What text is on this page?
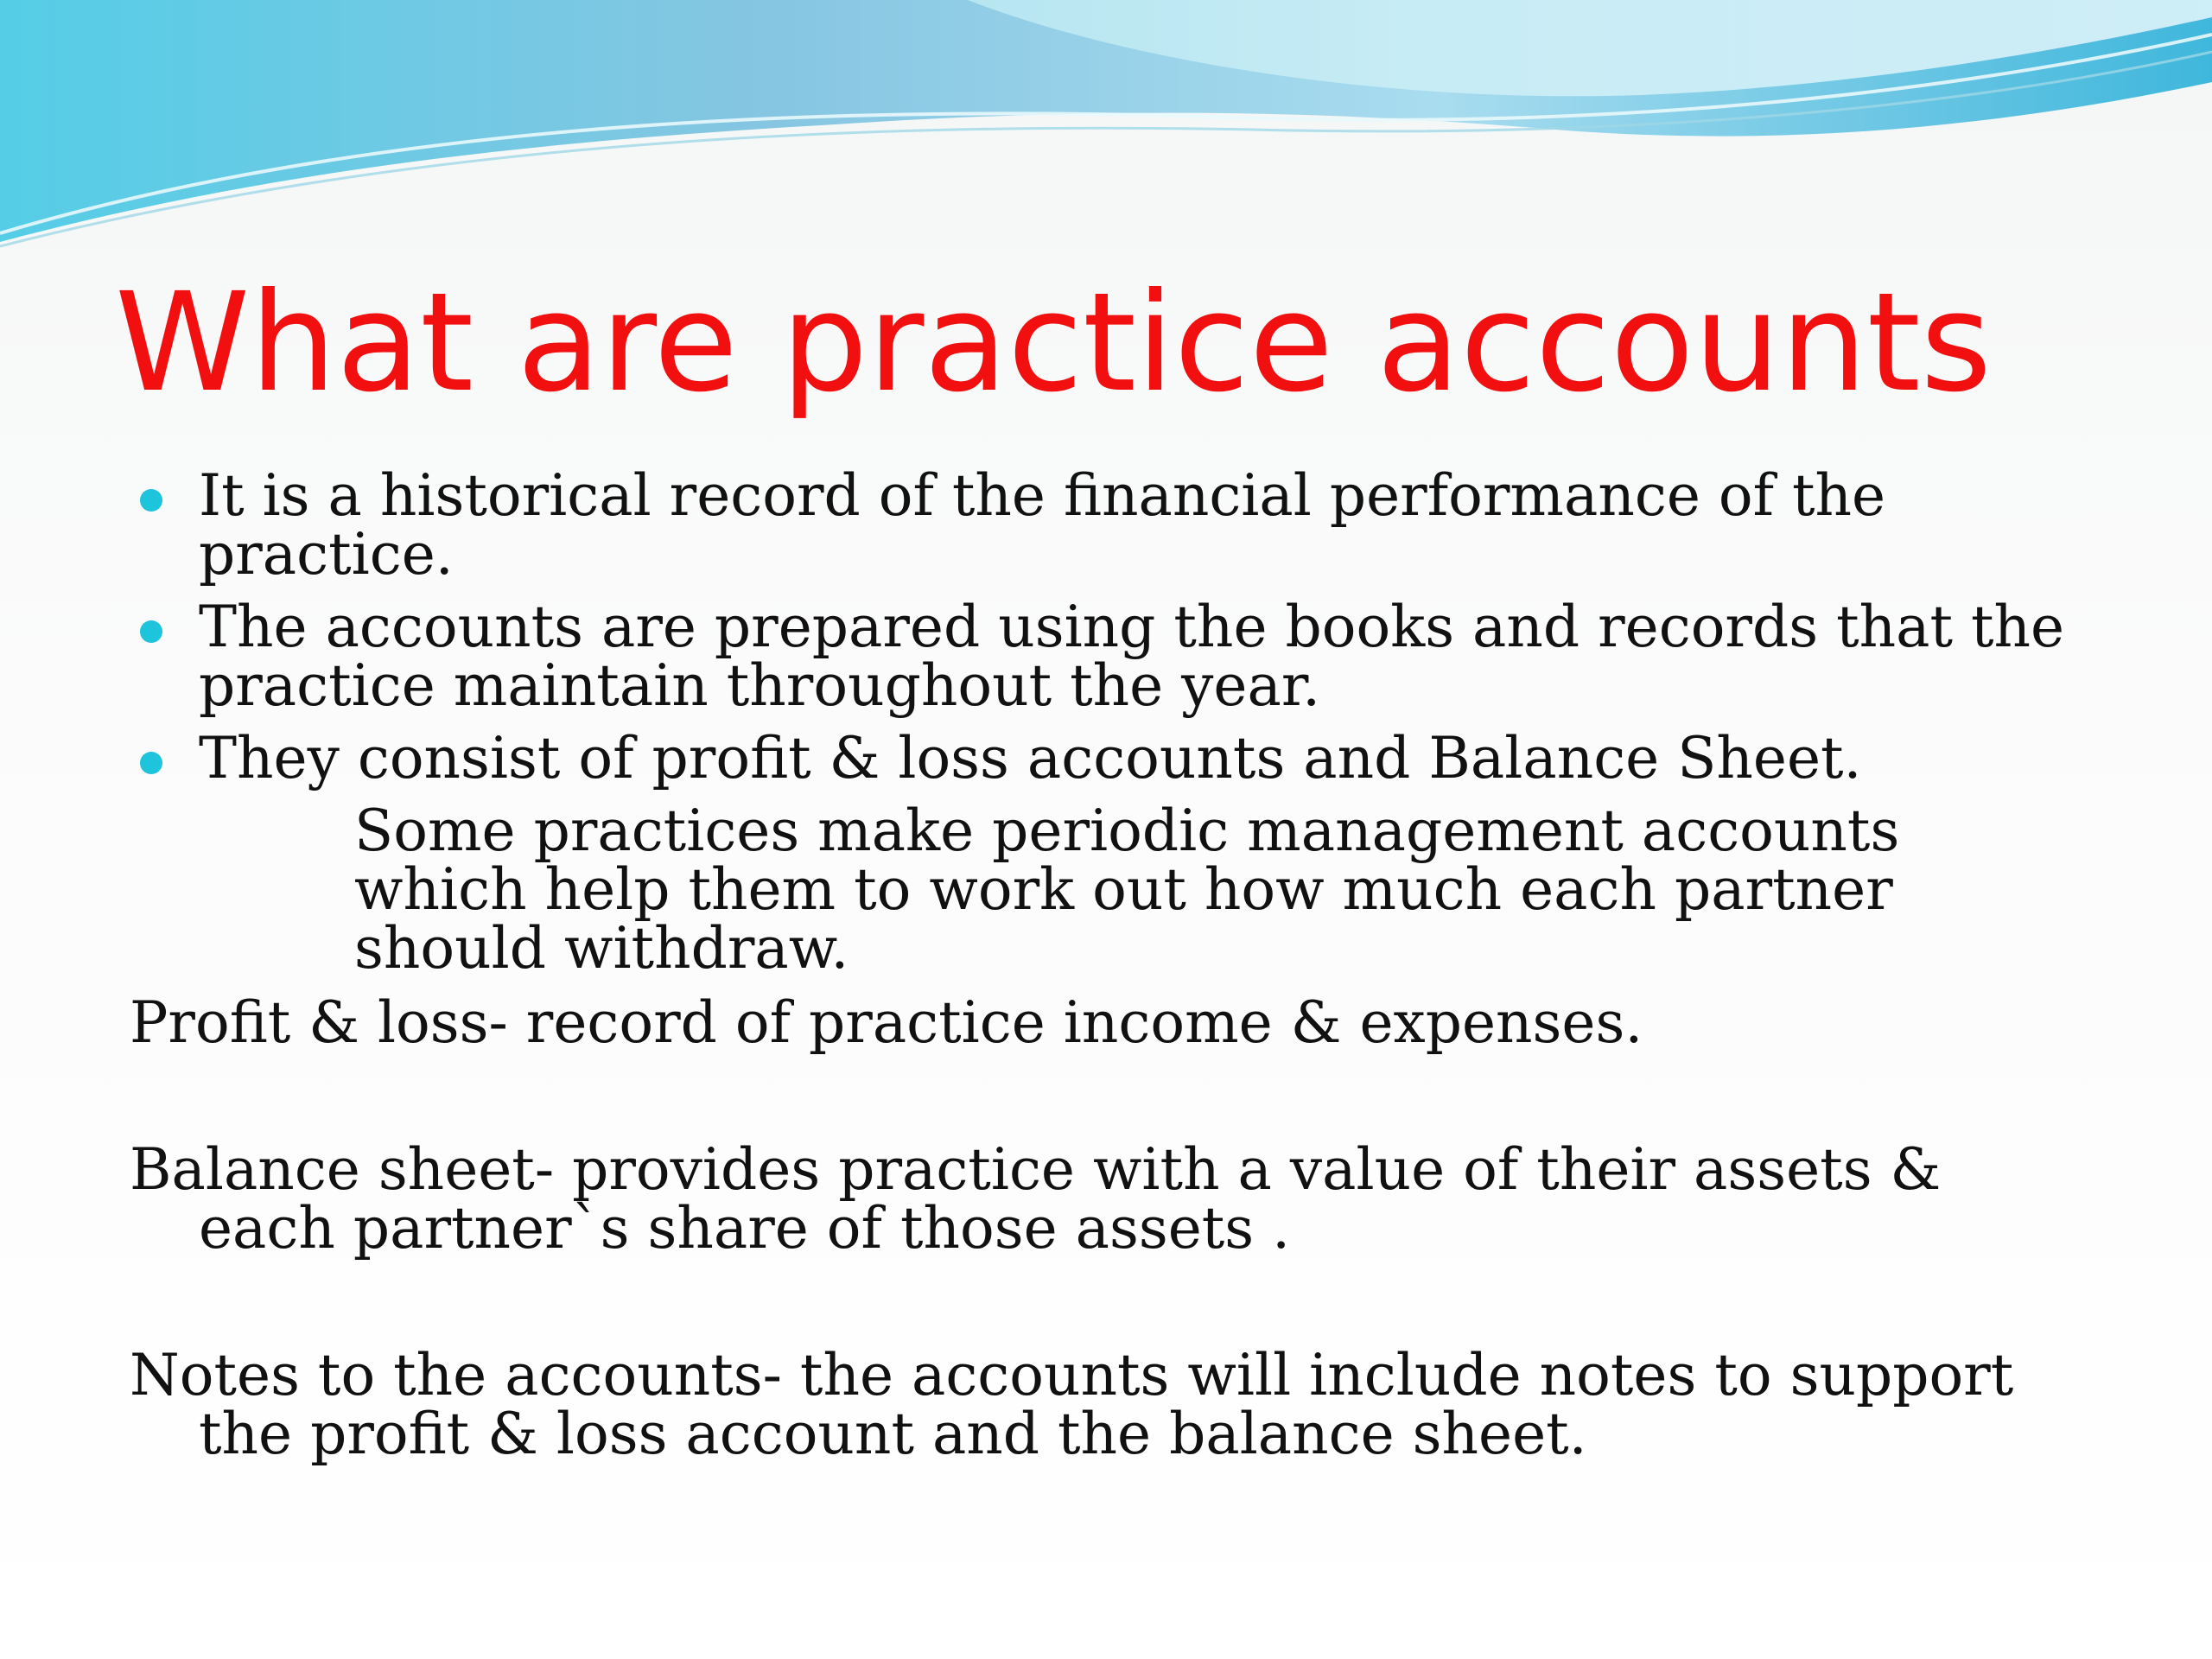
What are practice accounts
It is a historical record of the financial performance of the practice.
The accounts are prepared using the books and records that the practice maintain throughout the year.
They consist of profit & loss accounts and Balance Sheet.
Some practices make periodic management accounts which help them to work out how much each partner should withdraw.
Profit & loss- record of practice income & expenses.
Balance sheet- provides practice with a value of their assets & each partner`s share of those assets .
Notes to the accounts- the accounts will include notes to support the profit & loss account and the balance sheet.
